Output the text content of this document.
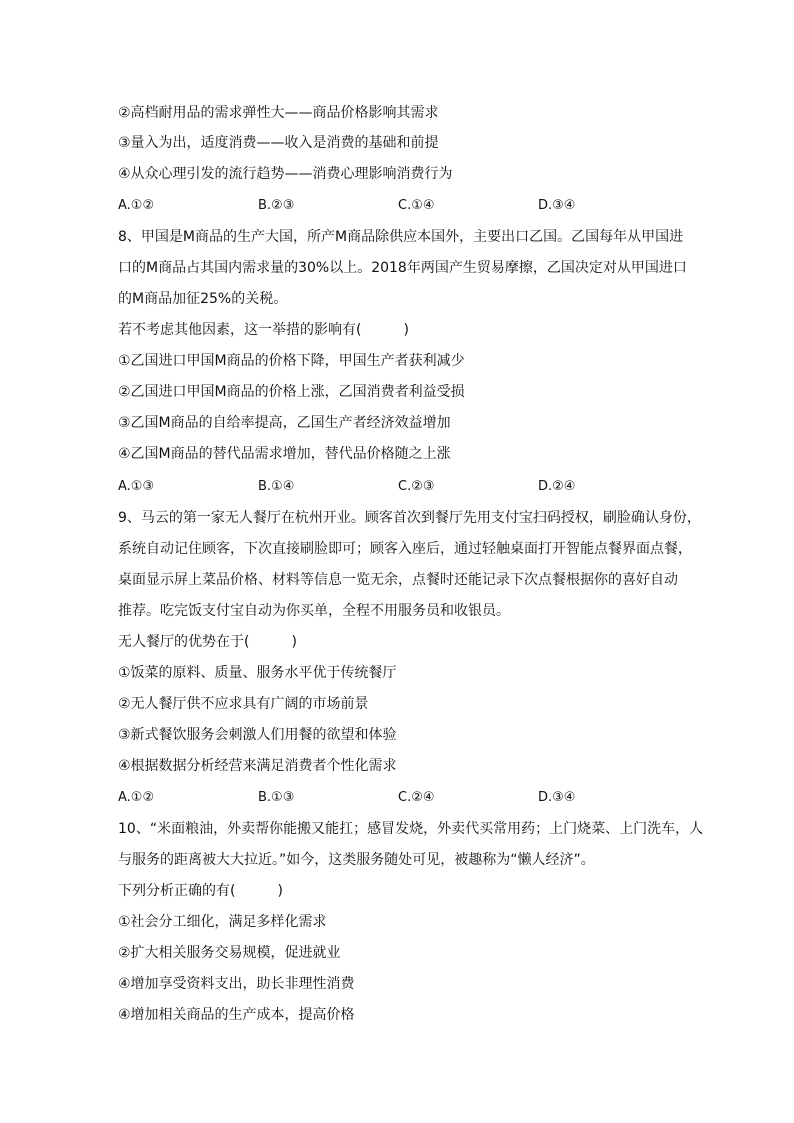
②高档耐用品的需求弹性大——商品价格影响其需求
③量入为出，适度消费——收入是消费的基础和前提
④从众心理引发的流行趋势——消费心理影响消费行为
A.①②	B.②③	C.①④	D.③④
8、甲国是M商品的生产大国，所产M商品除供应本国外，主要出口乙国。乙国每年从甲国进
口的M商品占其国内需求量的30%以上。2018年两国产生贸易摩擦，乙国决定对从甲国进口
的M商品加征25%的关税。
若不考虑其他因素，这一举措的影响有(　　　)
①乙国进口甲国M商品的价格下降，甲国生产者获利减少
②乙国进口甲国M商品的价格上涨，乙国消费者利益受损
③乙国M商品的自给率提高，乙国生产者经济效益增加
④乙国M商品的替代品需求增加，替代品价格随之上涨
A.①③	B.①④	C.②③	D.②④
9、马云的第一家无人餐厅在杭州开业。顾客首次到餐厅先用支付宝扫码授权，刷脸确认身份，
系统自动记住顾客，下次直接刷脸即可；顾客入座后，通过轻触桌面打开智能点餐界面点餐，
桌面显示屏上菜品价格、材料等信息一览无余，点餐时还能记录下次点餐根据你的喜好自动
推荐。吃完饭支付宝自动为你买单，全程不用服务员和收银员。
无人餐厅的优势在于(　　　)
①饭菜的原料、质量、服务水平优于传统餐厅
②无人餐厅供不应求具有广阔的市场前景
③新式餐饮服务会刺激人们用餐的欲望和体验
④根据数据分析经营来满足消费者个性化需求
A.①②	B.①③	C.②④	D.③④
10、“米面粮油，外卖帮你能搬又能扛；感冒发烧，外卖代买常用药；上门烧菜、上门洗车，人
与服务的距离被大大拉近。”如今，这类服务随处可见，被趣称为“懒人经济”。
下列分析正确的有(　　　)
①社会分工细化，满足多样化需求
②扩大相关服务交易规模，促进就业
④增加享受资料支出，助长非理性消费
④增加相关商品的生产成本，提高价格
